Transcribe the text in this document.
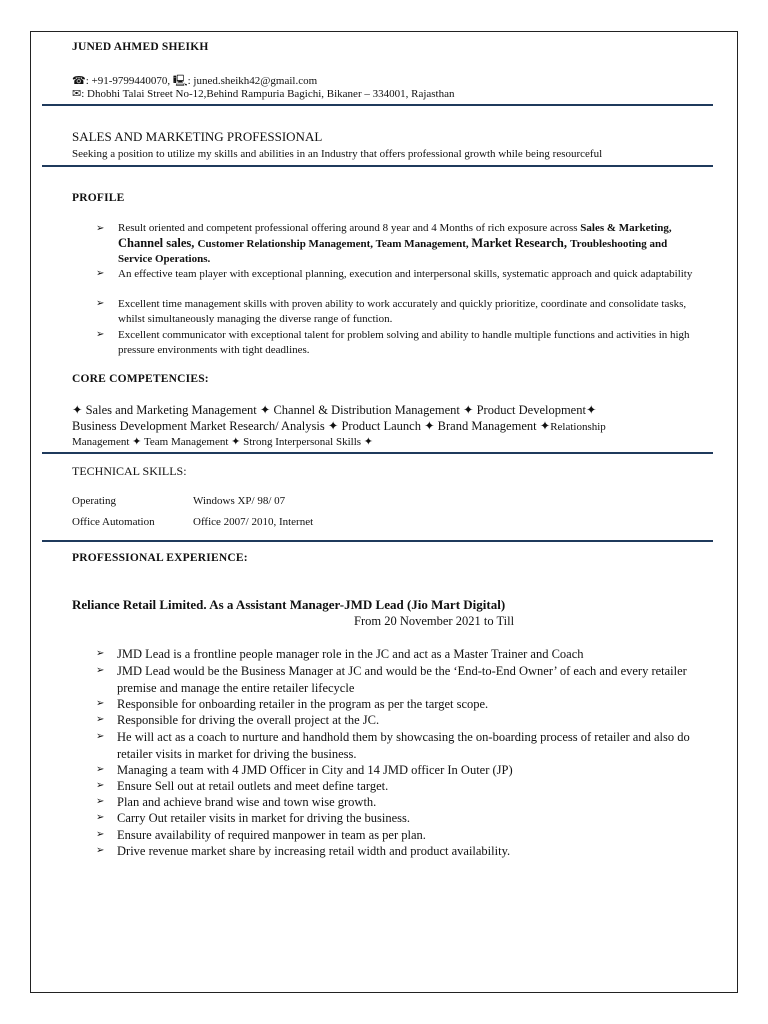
JUNED AHMED SHEIKH
☎: +91-9799440070, 🖳: juned.sheikh42@gmail.com
✉: Dhobhi Talai Street No-12,Behind Rampuria Bagichi, Bikaner – 334001, Rajasthan
SALES AND MARKETING PROFESSIONAL
Seeking a position to utilize my skills and abilities in an Industry that offers professional growth while being resourceful
PROFILE
➢ Result oriented and competent professional offering around 8 year and 4 Months of rich exposure across Sales & Marketing, Channel sales, Customer Relationship Management, Team Management, Market Research, Troubleshooting and Service Operations.
➢ An effective team player with exceptional planning, execution and interpersonal skills, systematic approach and quick adaptability
➢ Excellent time management skills with proven ability to work accurately and quickly prioritize, coordinate and consolidate tasks, whilst simultaneously managing the diverse range of function.
➢ Excellent communicator with exceptional talent for problem solving and ability to handle multiple functions and activities in high pressure environments with tight deadlines.
CORE COMPETENCIES:
✦ Sales and Marketing Management ✦ Channel & Distribution Management ✦ Product Development✦
Business Development Market Research/ Analysis ✦ Product Launch ✦ Brand Management ✦Relationship
Management ✦ Team Management ✦ Strong Interpersonal Skills ✦
TECHNICAL SKILLS:
Operating	Windows XP/ 98/ 07
Office Automation	Office 2007/ 2010, Internet
PROFESSIONAL EXPERIENCE:
Reliance Retail Limited. As a Assistant Manager-JMD Lead (Jio Mart Digital)
From 20 November 2021 to Till
➢ JMD Lead is a frontline people manager role in the JC and act as a Master Trainer and Coach
➢ JMD Lead would be the Business Manager at JC and would be the ‘End-to-End Owner’ of each and every retailer premise and manage the entire retailer lifecycle
➢ Responsible for onboarding retailer in the program as per the target scope.
➢ Responsible for driving the overall project at the JC.
➢ He will act as a coach to nurture and handhold them by showcasing the on-boarding process of retailer and also do retailer visits in market for driving the business.
➢ Managing a team with 4 JMD Officer in City and 14 JMD officer In Outer (JP)
➢ Ensure Sell out at retail outlets and meet define target.
➢ Plan and achieve brand wise and town wise growth.
➢ Carry Out retailer visits in market for driving the business.
➢ Ensure availability of required manpower in team as per plan.
➢ Drive revenue market share by increasing retail width and product availability.
